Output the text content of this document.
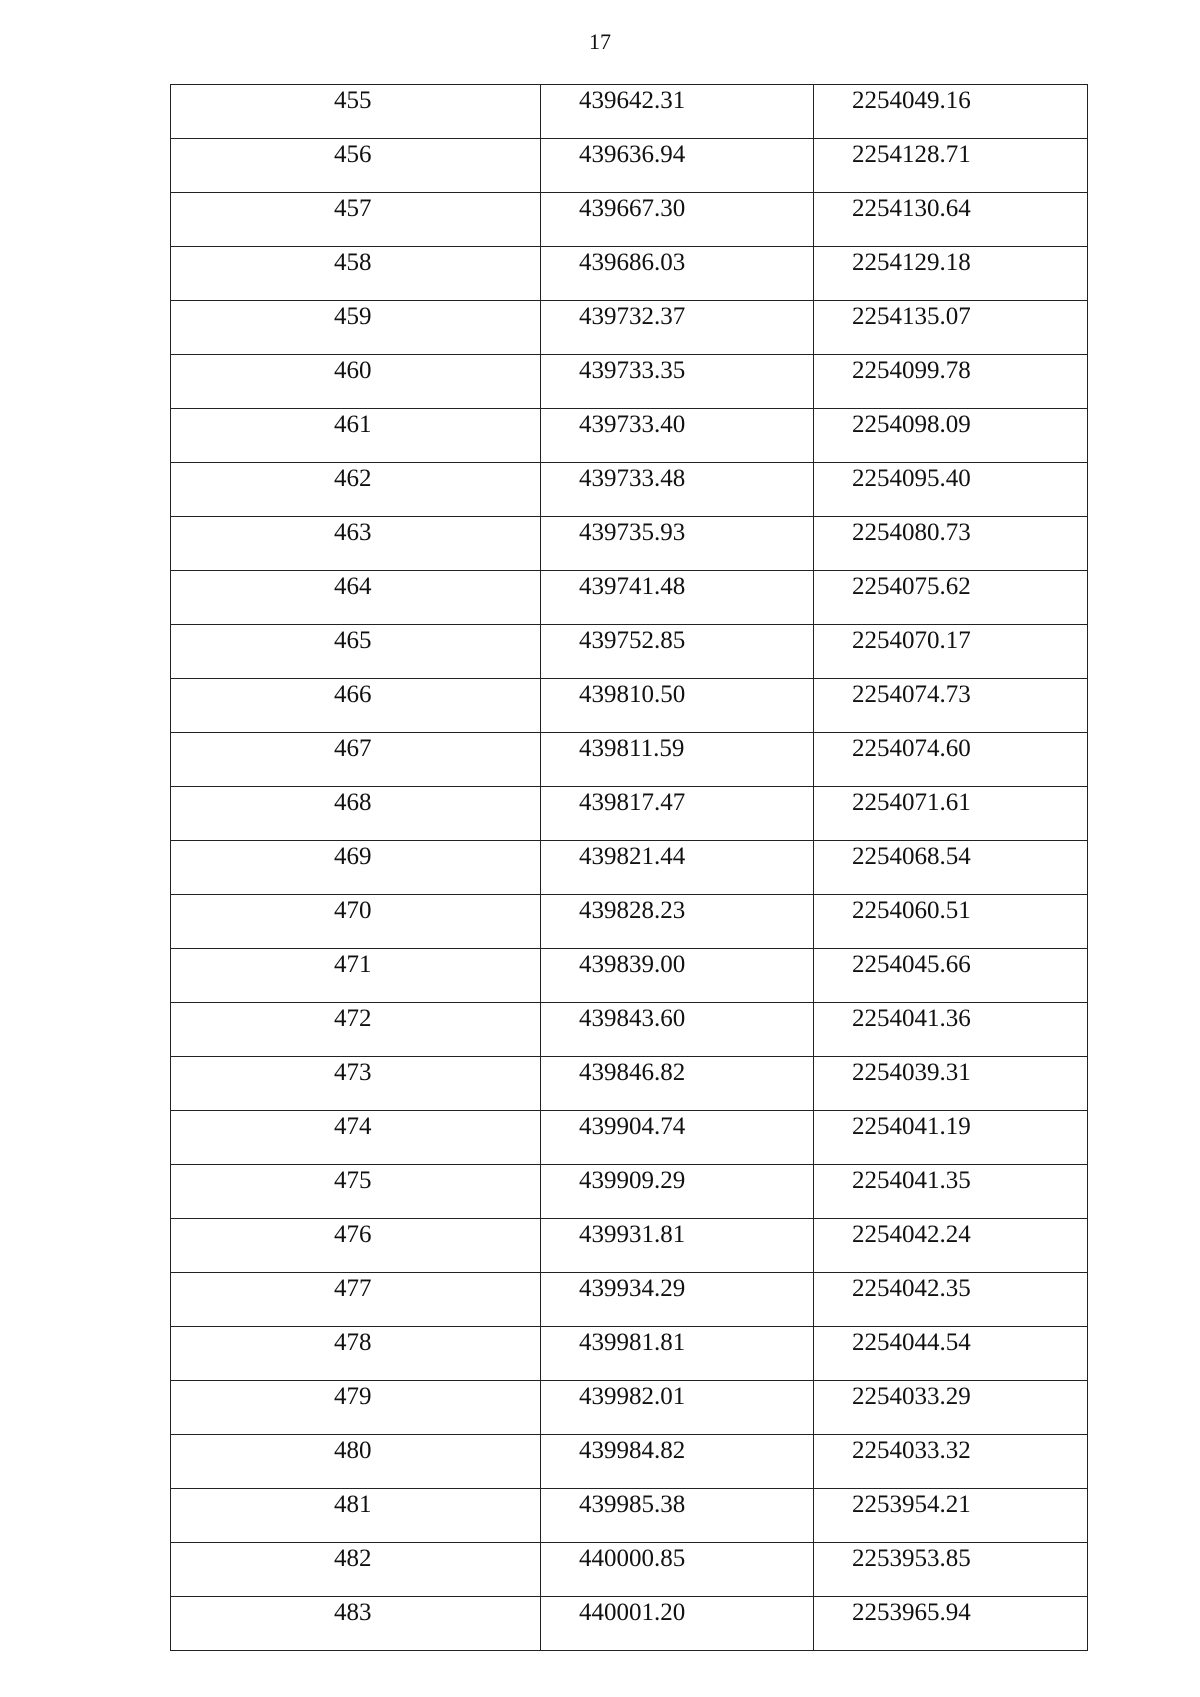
17
455	439642.31	2254049.16
456	439636.94	2254128.71
457	439667.30	2254130.64
458	439686.03	2254129.18
459	439732.37	2254135.07
460	439733.35	2254099.78
461	439733.40	2254098.09
462	439733.48	2254095.40
463	439735.93	2254080.73
464	439741.48	2254075.62
465	439752.85	2254070.17
466	439810.50	2254074.73
467	439811.59	2254074.60
468	439817.47	2254071.61
469	439821.44	2254068.54
470	439828.23	2254060.51
471	439839.00	2254045.66
472	439843.60	2254041.36
473	439846.82	2254039.31
474	439904.74	2254041.19
475	439909.29	2254041.35
476	439931.81	2254042.24
477	439934.29	2254042.35
478	439981.81	2254044.54
479	439982.01	2254033.29
480	439984.82	2254033.32
481	439985.38	2253954.21
482	440000.85	2253953.85
483	440001.20	2253965.94
